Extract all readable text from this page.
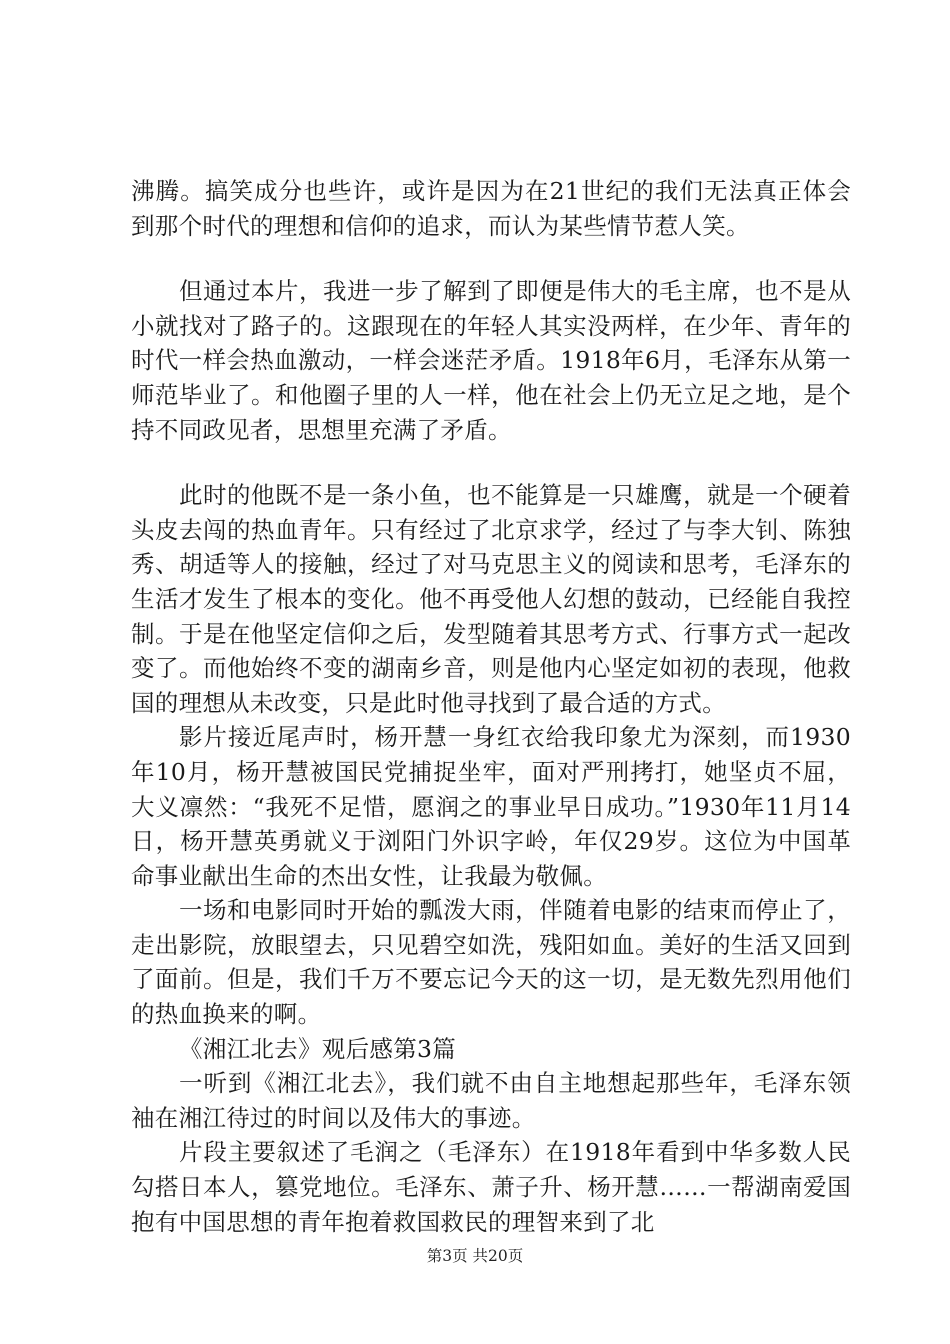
沸腾。搞笑成分也些许，或许是因为在21世纪的我们无法真正体会到那个时代的理想和信仰的追求，而认为某些情节惹人笑。

但通过本片，我进一步了解到了即便是伟大的毛主席，也不是从小就找对了路子的。这跟现在的年轻人其实没两样，在少年、青年的时代一样会热血激动，一样会迷茫矛盾。1918年6月，毛泽东从第一师范毕业了。和他圈子里的人一样，他在社会上仍无立足之地，是个持不同政见者，思想里充满了矛盾。

此时的他既不是一条小鱼，也不能算是一只雄鹰，就是一个硬着头皮去闯的热血青年。只有经过了北京求学，经过了与李大钊、陈独秀、胡适等人的接触，经过了对马克思主义的阅读和思考，毛泽东的生活才发生了根本的变化。他不再受他人幻想的鼓动，已经能自我控制。于是在他坚定信仰之后，发型随着其思考方式、行事方式一起改变了。而他始终不变的湖南乡音，则是他内心坚定如初的表现，他救国的理想从未改变，只是此时他寻找到了最合适的方式。

影片接近尾声时，杨开慧一身红衣给我印象尤为深刻，而1930年10月，杨开慧被国民党捕捉坐牢，面对严刑拷打，她坚贞不屈，大义凛然：“我死不足惜，愿润之的事业早日成功。”1930年11月14日，杨开慧英勇就义于浏阳门外识字岭，年仅29岁。这位为中国革命事业献出生命的杰出女性，让我最为敬佩。

一场和电影同时开始的瓢泼大雨，伴随着电影的结束而停止了，走出影院，放眼望去，只见碧空如洗，残阳如血。美好的生活又回到了面前。但是，我们千万不要忘记今天的这一切，是无数先烈用他们的热血换来的啊。

《湘江北去》观后感第3篇

一听到《湘江北去》，我们就不由自主地想起那些年，毛泽东领袖在湘江待过的时间以及伟大的事迹。

片段主要叙述了毛润之（毛泽东）在1918年看到中华多数人民勾搭日本人，篡党地位。毛泽东、萧子升、杨开慧……一帮湖南爱国抱有中国思想的青年抱着救国救民的理智来到了北

第3页 共20页
